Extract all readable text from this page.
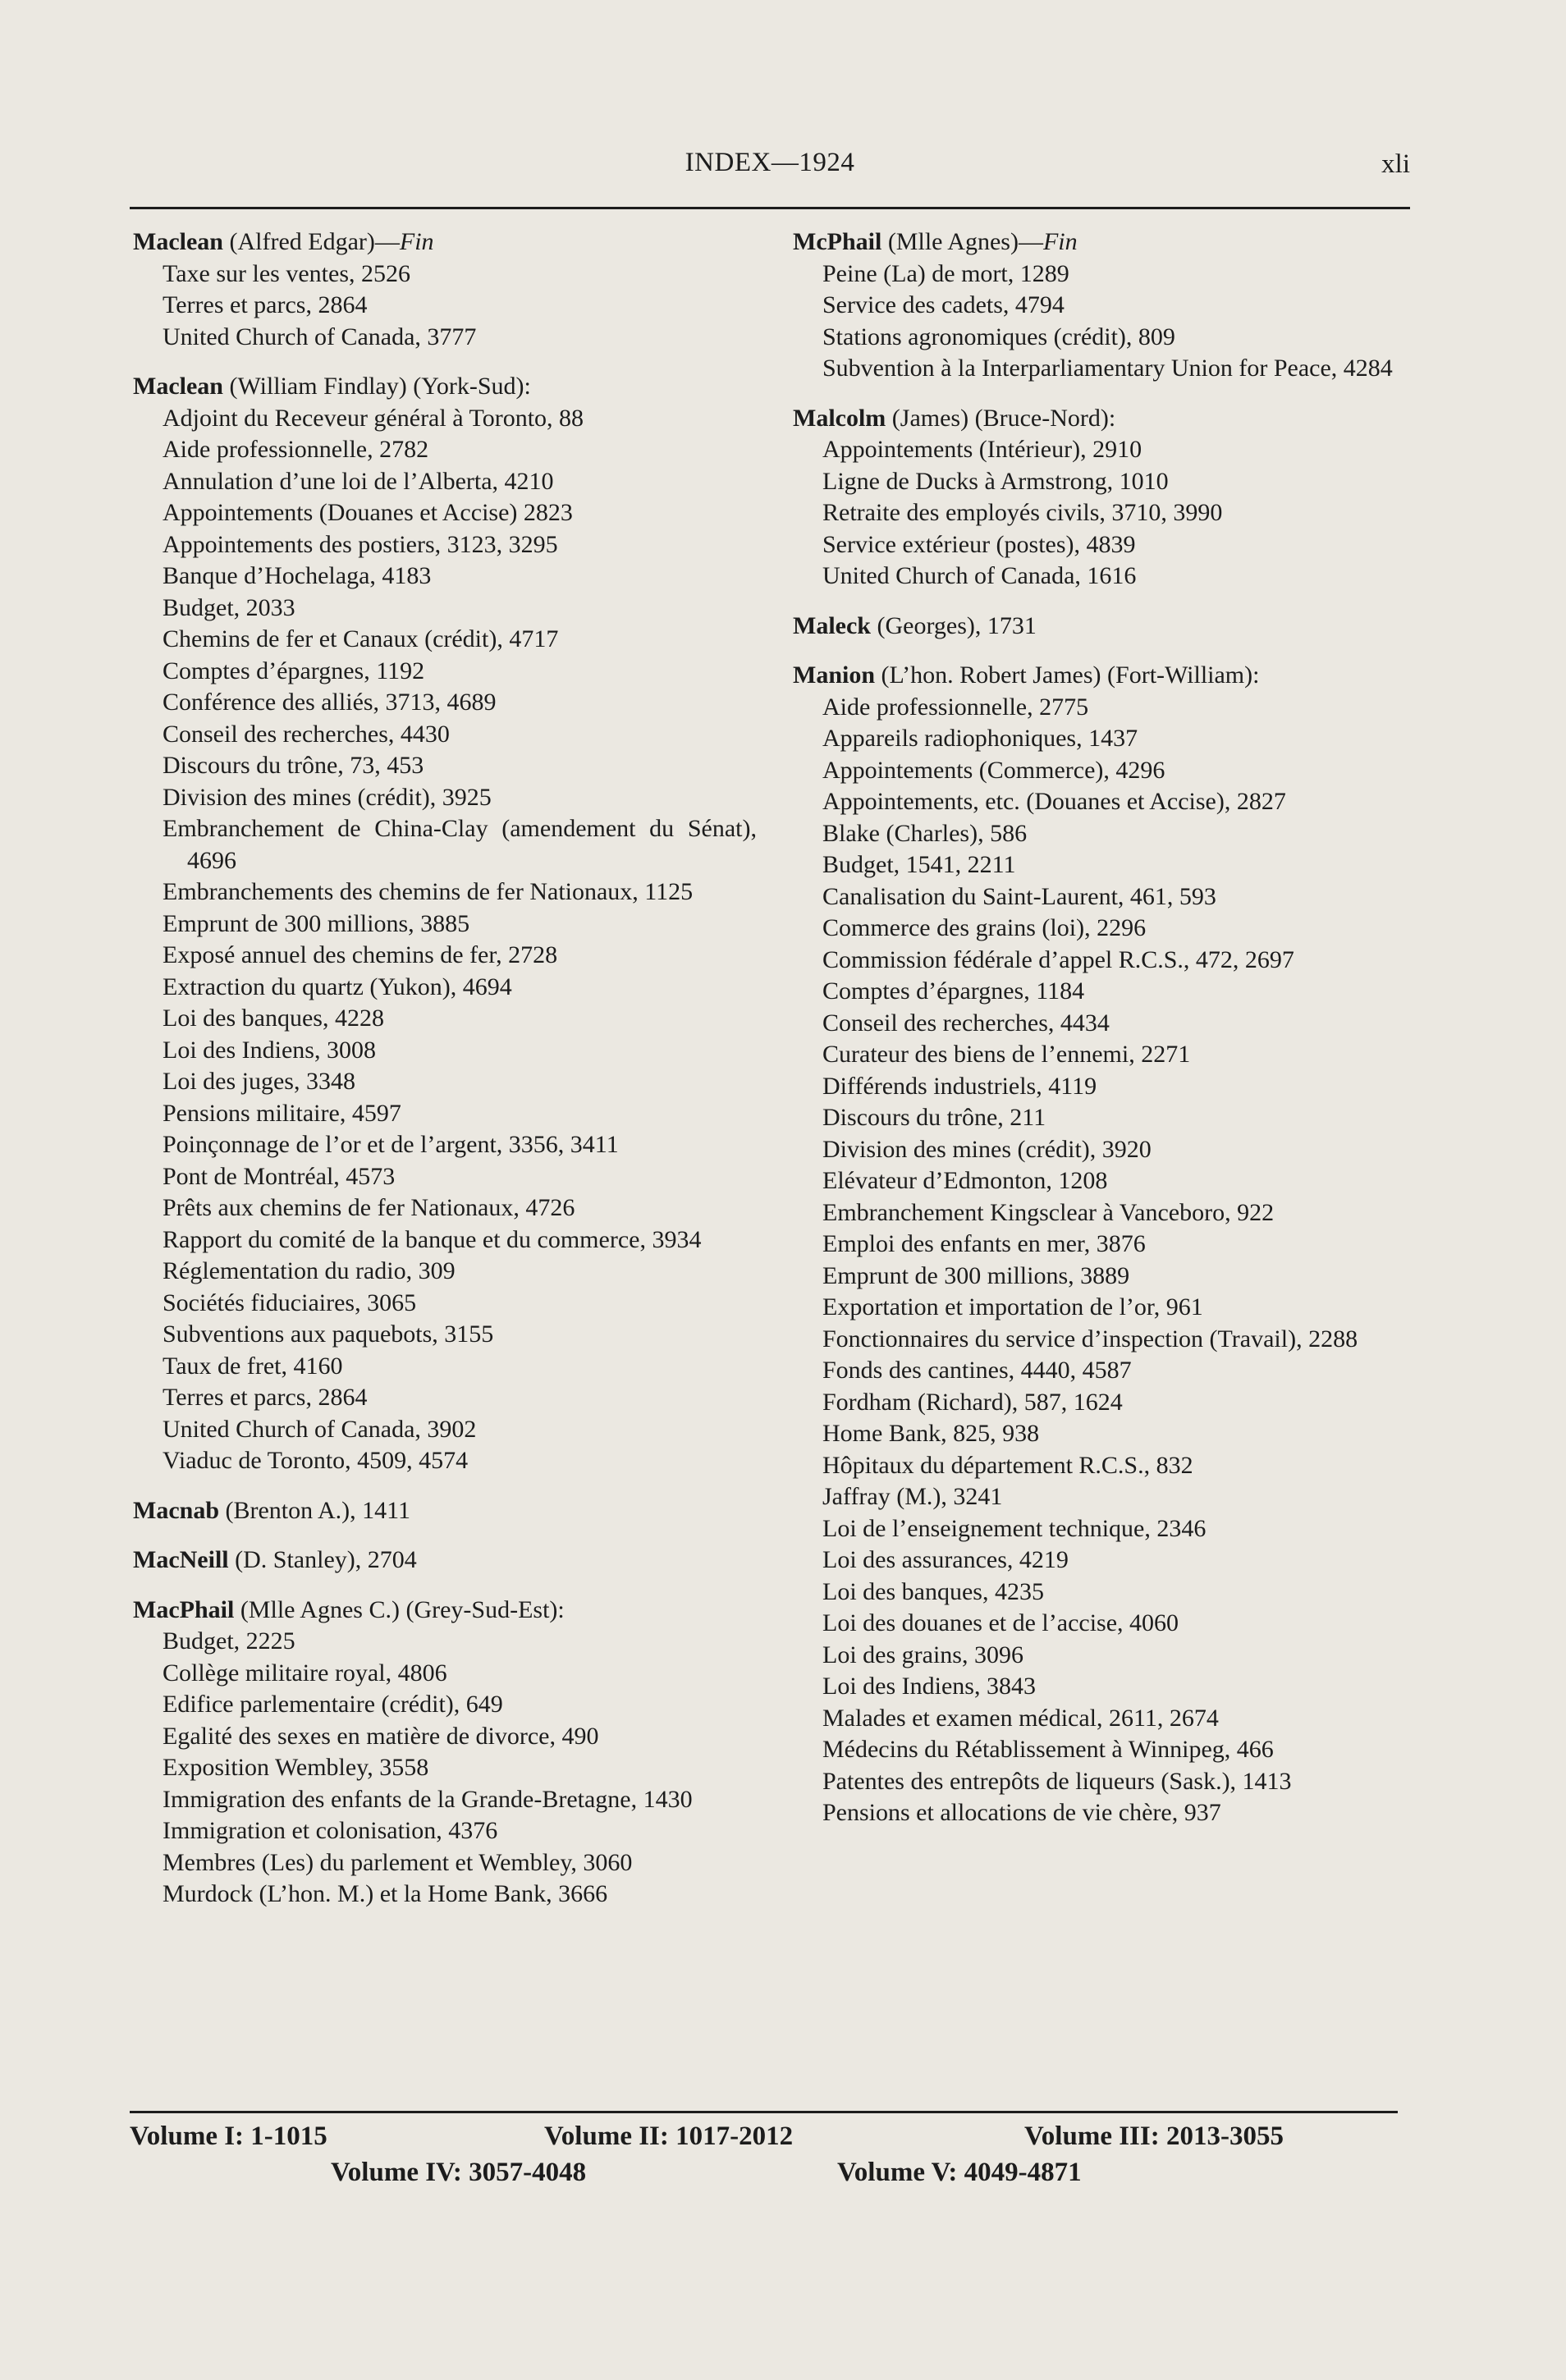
INDEX—1924	xli
Maclean (Alfred Edgar)—Fin
Taxe sur les ventes, 2526
Terres et parcs, 2864
United Church of Canada, 3777
Maclean (William Findlay) (York-Sud):
Adjoint du Receveur général à Toronto, 88
Aide professionnelle, 2782
Annulation d’une loi de l’Alberta, 4210
Appointements (Douanes et Accise) 2823
Appointements des postiers, 3123, 3295
Banque d’Hochelaga, 4183
Budget, 2033
Chemins de fer et Canaux (crédit), 4717
Comptes d’épargnes, 1192
Conférence des alliés, 3713, 4689
Conseil des recherches, 4430
Discours du trône, 73, 453
Division des mines (crédit), 3925
Embranchement de China-Clay (amendement du Sénat), 4696
Embranchements des chemins de fer Nationaux, 1125
Emprunt de 300 millions, 3885
Exposé annuel des chemins de fer, 2728
Extraction du quartz (Yukon), 4694
Loi des banques, 4228
Loi des Indiens, 3008
Loi des juges, 3348
Pensions militaire, 4597
Poinçonnage de l’or et de l’argent, 3356, 3411
Pont de Montréal, 4573
Prêts aux chemins de fer Nationaux, 4726
Rapport du comité de la banque et du commerce, 3934
Réglementation du radio, 309
Sociétés fiduciaires, 3065
Subventions aux paquebots, 3155
Taux de fret, 4160
Terres et parcs, 2864
United Church of Canada, 3902
Viaduc de Toronto, 4509, 4574
Macnab (Brenton A.), 1411
MacNeill (D. Stanley), 2704
MacPhail (Mlle Agnes C.) (Grey-Sud-Est):
Budget, 2225
Collège militaire royal, 4806
Edifice parlementaire (crédit), 649
Egalité des sexes en matière de divorce, 490
Exposition Wembley, 3558
Immigration des enfants de la Grande-Bretagne, 1430
Immigration et colonisation, 4376
Membres (Les) du parlement et Wembley, 3060
Murdock (L’hon. M.) et la Home Bank, 3666
McPhail (Mlle Agnes)—Fin
Peine (La) de mort, 1289
Service des cadets, 4794
Stations agronomiques (crédit), 809
Subvention à la Interparliamentary Union for Peace, 4284
Malcolm (James) (Bruce-Nord):
Appointements (Intérieur), 2910
Ligne de Ducks à Armstrong, 1010
Retraite des employés civils, 3710, 3990
Service extérieur (postes), 4839
United Church of Canada, 1616
Maleck (Georges), 1731
Manion (L’hon. Robert James) (Fort-William):
Aide professionnelle, 2775
Appareils radiophoniques, 1437
Appointements (Commerce), 4296
Appointements, etc. (Douanes et Accise), 2827
Blake (Charles), 586
Budget, 1541, 2211
Canalisation du Saint-Laurent, 461, 593
Commerce des grains (loi), 2296
Commission fédérale d’appel R.C.S., 472, 2697
Comptes d’épargnes, 1184
Conseil des recherches, 4434
Curateur des biens de l’ennemi, 2271
Différends industriels, 4119
Discours du trône, 211
Division des mines (crédit), 3920
Elévateur d’Edmonton, 1208
Embranchement Kingsclear à Vanceboro, 922
Emploi des enfants en mer, 3876
Emprunt de 300 millions, 3889
Exportation et importation de l’or, 961
Fonctionnaires du service d’inspection (Travail), 2288
Fonds des cantines, 4440, 4587
Fordham (Richard), 587, 1624
Home Bank, 825, 938
Hôpitaux du département R.C.S., 832
Jaffray (M.), 3241
Loi de l’enseignement technique, 2346
Loi des assurances, 4219
Loi des banques, 4235
Loi des douanes et de l’accise, 4060
Loi des grains, 3096
Loi des Indiens, 3843
Malades et examen médical, 2611, 2674
Médecins du Rétablissement à Winnipeg, 466
Patentes des entrepôts de liqueurs (Sask.), 1413
Pensions et allocations de vie chère, 937
Volume I: 1-1015	Volume II: 1017-2012	Volume III: 2013-3055
Volume IV: 3057-4048	Volume V: 4049-4871
